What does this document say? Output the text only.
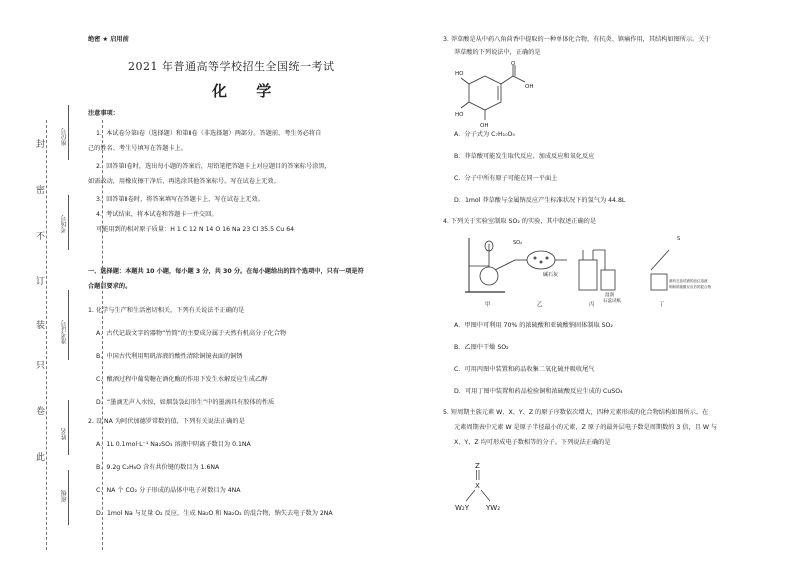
封
密
不
订
装
只
卷
此
座位号
考场号
准考证号
姓名
班级
绝密 ★ 启用前
2021 年普通高等学校招生全国统一考试
化 学
注意事项：
1．本试卷分第Ⅰ卷（选择题）和第Ⅱ卷（非选择题）两部分。答题前，考生务必将自
己的姓名、考生号填写在答题卡上。
2．回答第Ⅰ卷时，选出每小题的答案后，用铅笔把答题卡上对应题目的答案标号涂黑，
如需改动，用橡皮擦干净后，再选涂其他答案标号。写在试卷上无效。
3．回答第Ⅱ卷时，将答案填写在答题卡上，写在试卷上无效。
4．考试结束，将本试卷和答题卡一并交回。
可能用到的相对原子质量：H 1 C 12 N 14 O 16 Na 23 Cl 35.5 Cu 64
一、选择题：本题共 10 小题，每小题 3 分，共 30 分。在每小题给出的四个选项中，只有一项是符
合题目要求的。
1. 化学与生产和生活密切相关。下列有关说法不正确的是
A．古代记载文字的器物“竹简”的主要成分属于天然有机高分子化合物
B．中国古代利用明矾溶液的酸性清除铜镜表面的铜锈
C．酿酒过程中葡萄糖在酒化酶的作用下发生水解反应生成乙醇
D．“墨滴无声入水惊，如烟袅袅幻形生”中的墨滴具有胶体的性质
2. 设 NA 为阿伏加德罗常数的值，下列有关说法正确的是
A．1L 0.1mol·L⁻¹ Na₂SO₃ 溶液中阴离子数目为 0.1NA
B．9.2g C₂H₆O 含有共价键的数目为 1.6NA
C．NA 个 CO₂ 分子形成的晶体中电子对数目为 4NA
D．1mol Na 与足量 O₂ 反应，生成 Na₂O 和 Na₂O₂ 的混合物，钠失去电子数为 2NA
3. 莽草酸是从中药八角茴香中提取的一种单体化合物，有抗炎、镇痛作用，其结构如图所示。关于
莽草酸的下列说法中，正确的是
HO
HO
OH
OH
O
A．分子式为 C₇H₁₀O₅
B．莽草酸可能发生取代反应、加成反应和氧化反应
C．分子中所有原子可能在同一平面上
D．1mol 莽草酸与金属钠反应产生标准状况下的氢气为 44.8L
4. 下列关于实验室制取 SO₂ 的实验，其中叙述正确的是
SO₂
碱石灰
湿润
石蕊试纸
S
滴有石蕊试液的品红溶液
铜和浓硫酸反应后的混合物
甲	乙	丙	丁
A．甲图中可利用 70% 的浓硫酸和亚硫酸钠固体制取 SO₂
B．乙图中干燥 SO₂
C．可用丙图中装置和药品收集二氧化硫并吸收尾气
D．可用丁图中装置和药品检验铜和浓硫酸反应生成的 CuSO₄
5. 短周期主族元素 W、X、Y、Z 的原子序数依次增大，四种元素形成的化合物结构如图所示。在
元素周期表中元素 W 是原子半径最小的元素，Z 原子的最外层电子数是周期数的 3 倍，且 W 与
X、Y、Z 均可形成电子数相等的分子。下列说法正确的是
Z
X
W₂Y YW₂
